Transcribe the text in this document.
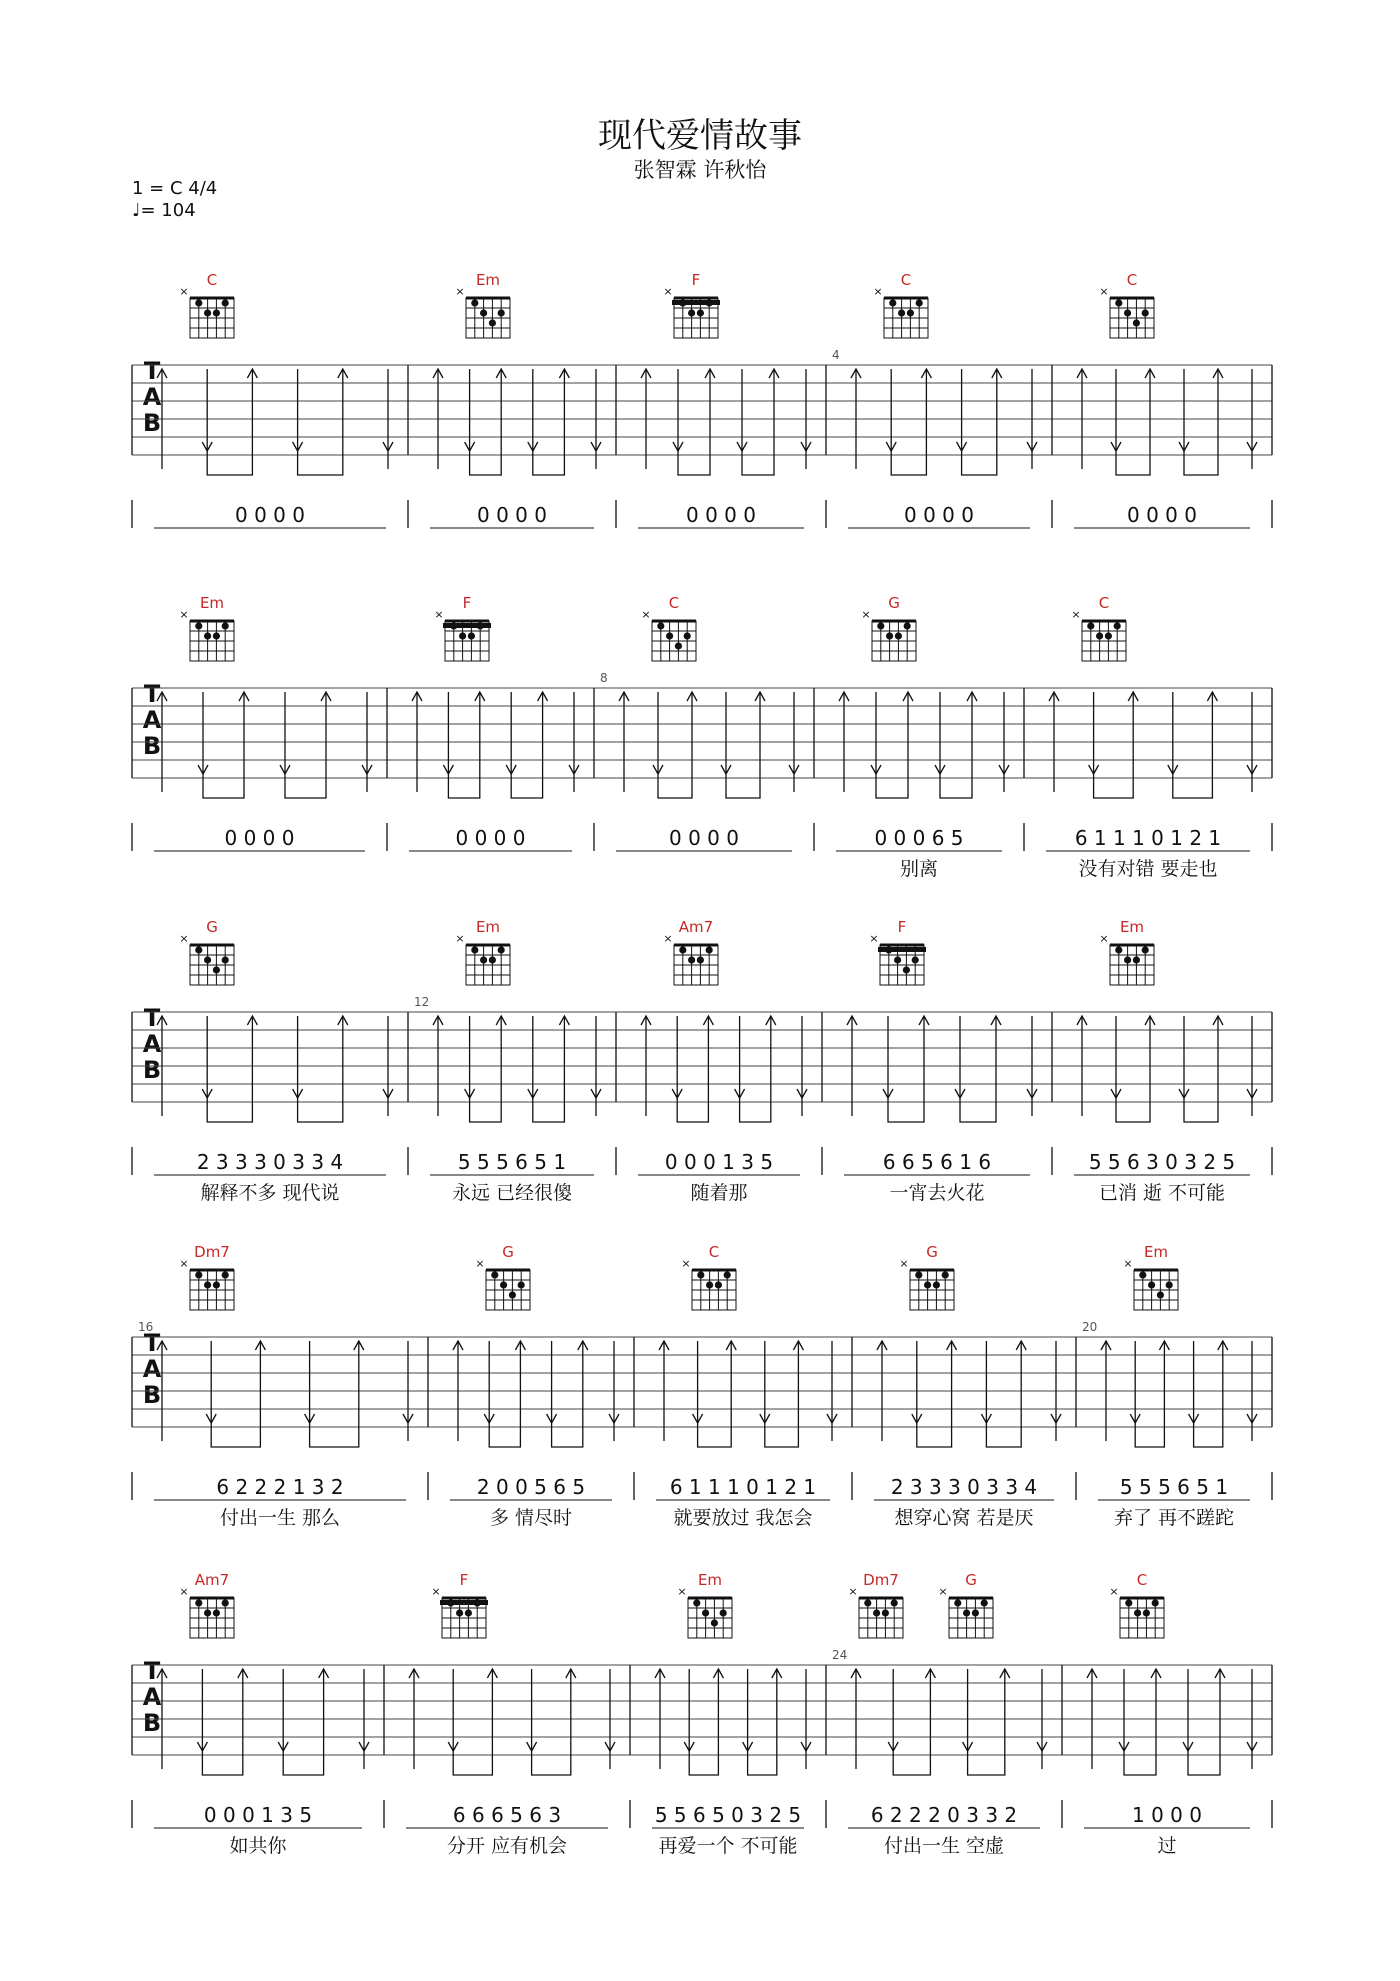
现代爱情故事
张智霖 许秋怡
1 = C 4/4
♩= 104
T
A
B
C
×
0 0 0 0
Em
×
0 0 0 0
F
×
0 0 0 0
C
×
4
0 0 0 0
C
×
0 0 0 0
T
A
B
Em
×
0 0 0 0
F
×
0 0 0 0
C
×
8
0 0 0 0
G
×
0 0 0 6 5
别离
C
×
6 1 1 1 0 1 2 1
没有对错 要走也
T
A
B
G
×
2 3 3 3 0 3 3 4
解释不多 现代说
Em
×
12
5 5 5 6 5 1
永远 已经很傻
Am7
×
0 0 0 1 3 5
随着那
F
×
6 6 5 6 1 6
一宵去火花
Em
×
5 5 6 3 0 3 2 5
已消 逝 不可能
T
A
B
Dm7
×
16
6 2 2 2 1 3 2
付出一生 那么
G
×
2 0 0 5 6 5
多 情尽时
C
×
6 1 1 1 0 1 2 1
就要放过 我怎会
G
×
2 3 3 3 0 3 3 4
想穿心窝 若是厌
Em
×
20
5 5 5 6 5 1
弃了 再不蹉跎
T
A
B
Am7
×
0 0 0 1 3 5
如共你
F
×
6 6 6 5 6 3
分开 应有机会
Em
×
5 5 6 5 0 3 2 5
再爱一个 不可能
Dm7
×
G
×
24
6 2 2 2 0 3 3 2
付出一生 空虚
C
×
1 0 0 0
过
